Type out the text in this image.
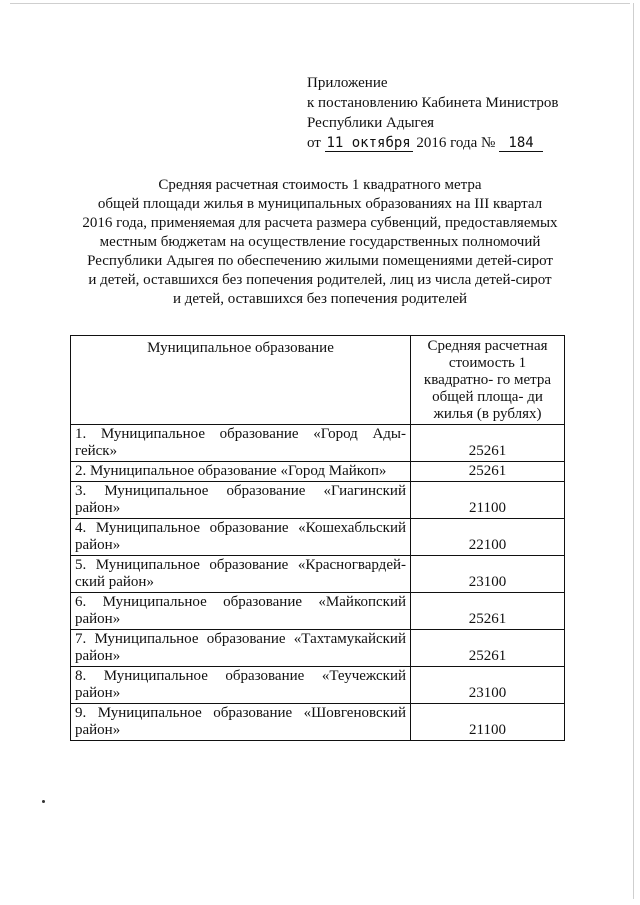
Приложение
к постановлению Кабинета Министров
Республики Адыгея
от 11 октября 2016 года № 184
Средняя расчетная стоимость 1 квадратного метра
общей площади жилья в муниципальных образованиях на III квартал
2016 года, применяемая для расчета размера субвенций, предоставляемых
местным бюджетам на осуществление государственных полномочий
Республики Адыгея по обеспечению жилыми помещениями детей-сирот
и детей, оставшихся без попечения родителей, лиц из числа детей-сирот
и детей, оставшихся без попечения родителей
Муниципальное образование	Средняя расчетная стоимость 1 квадратно- го метра общей площа- ди жилья (в рублях)
1. Муниципальное образование «Город Ады- гейск»	25261
2. Муниципальное образование «Город Майкоп»	25261
3. Муниципальное образование «Гиагинский район»	21100
4. Муниципальное образование «Кошехабльский район»	22100
5. Муниципальное образование «Красногвардей- ский район»	23100
6. Муниципальное образование «Майкопский район»	25261
7. Муниципальное образование «Тахтамукайский район»	25261
8. Муниципальное образование «Теучежский район»	23100
9. Муниципальное образование «Шовгеновский район»	21100
